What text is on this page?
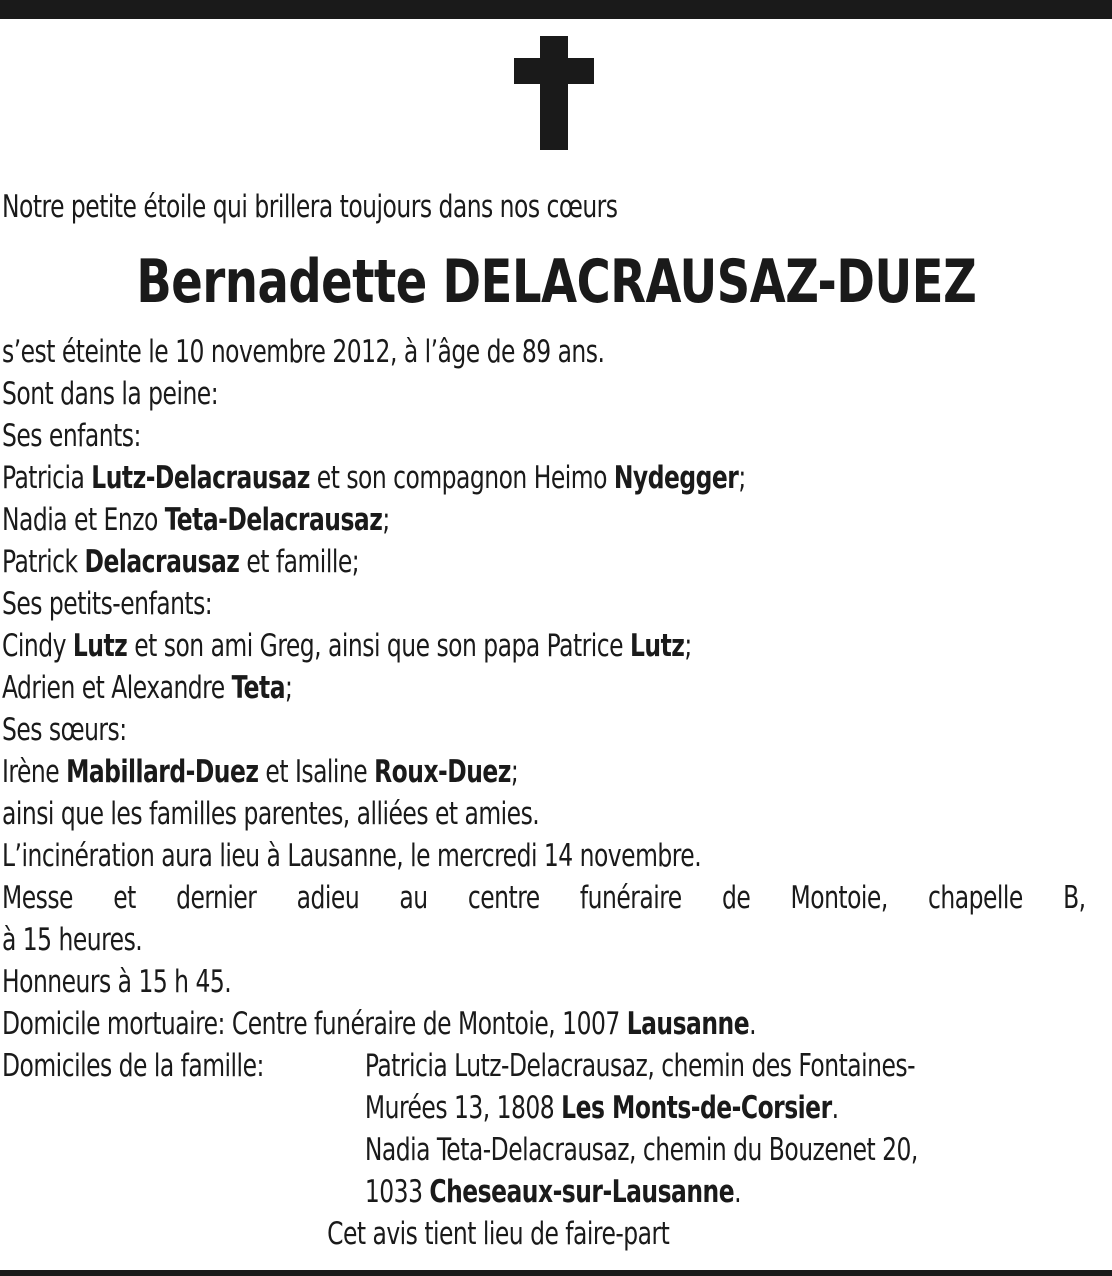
Notre petite étoile qui brillera toujours dans nos cœurs
Bernadette DELACRAUSAZ-DUEZ
s’est éteinte le 10 novembre 2012, à l’âge de 89 ans.
Sont dans la peine:
Ses enfants:
Patricia Lutz-Delacrausaz et son compagnon Heimo Nydegger;
Nadia et Enzo Teta-Delacrausaz;
Patrick Delacrausaz et famille;
Ses petits-enfants:
Cindy Lutz et son ami Greg, ainsi que son papa Patrice Lutz;
Adrien et Alexandre Teta;
Ses sœurs:
Irène Mabillard-Duez et Isaline Roux-Duez;
ainsi que les familles parentes, alliées et amies.
L’incinération aura lieu à Lausanne, le mercredi 14 novembre.
Messe et dernier adieu au centre funéraire de Montoie, chapelle B,
à 15 heures.
Honneurs à 15 h 45.
Domicile mortuaire: Centre funéraire de Montoie, 1007 Lausanne.
Domiciles de la famille:	Patricia Lutz-Delacrausaz, chemin des Fontaines-
Murées 13, 1808 Les Monts-de-Corsier.
Nadia Teta-Delacrausaz, chemin du Bouzenet 20,
1033 Cheseaux-sur-Lausanne.
Cet avis tient lieu de faire-part
